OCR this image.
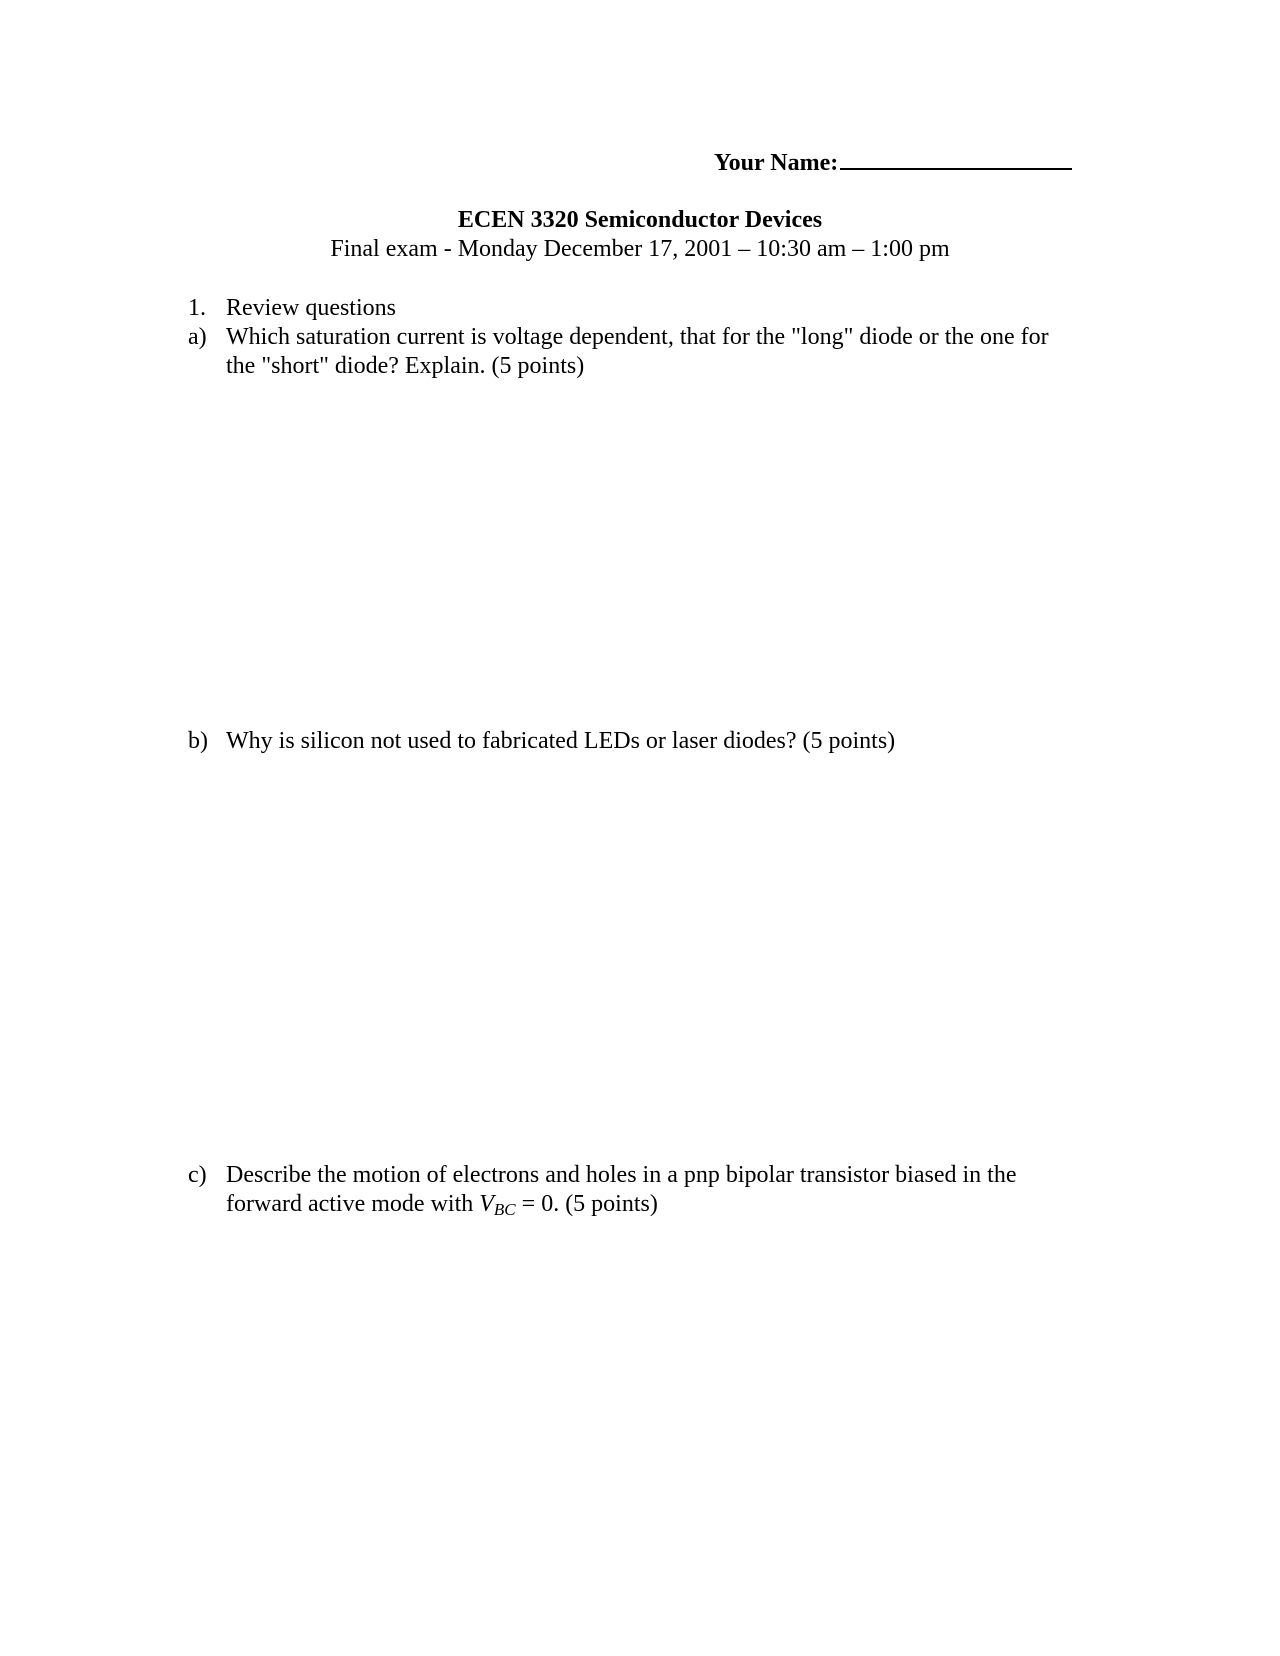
Your Name:
ECEN 3320 Semiconductor Devices
Final exam - Monday December 17, 2001 – 10:30 am – 1:00 pm
1. Review questions
a) Which saturation current is voltage dependent, that for the "long" diode or the one for
the "short" diode? Explain. (5 points)
b) Why is silicon not used to fabricated LEDs or laser diodes? (5 points)
c) Describe the motion of electrons and holes in a pnp bipolar transistor biased in the
forward active mode with $V_{BC} = 0$. (5 points)
